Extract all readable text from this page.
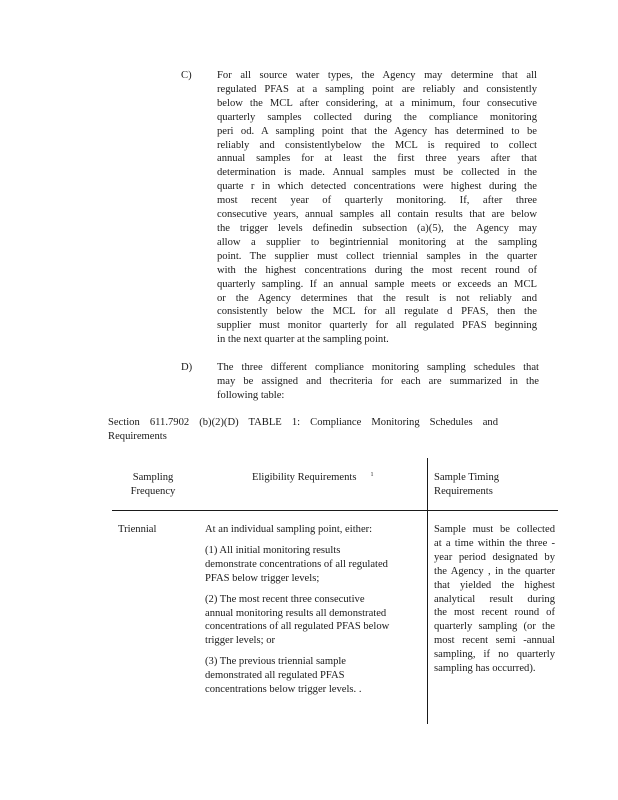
C) For all source water types, the Agency may determine that all
regulated PFAS at a sampling point are reliably and consistently
below the MCL after considering, at a minimum, four consecutive
quarterly samples collected during the compliance monitoring
peri od. A sampling point that the Agency has determined to be
reliably and consistentlybelow the MCL is required to collect
annual samples for at least the first three years after that
determination is made. Annual samples must be collected in the
quarte r in which detected concentrations were highest during the
most recent year of quarterly monitoring. If, after three
consecutive years, annual samples all contain results that are below
the trigger levels definedin subsection (a)(5), the Agency may
allow a supplier to begintriennial monitoring at the sampling
point. The supplier must collect triennial samples in the quarter
with the highest concentrations during the most recent round of
quarterly sampling. If an annual sample meets or exceeds an MCL
or the Agency determines that the result is not reliably and
consistently below the MCL for all regulate d PFAS, then the
supplier must monitor quarterly for all regulated PFAS beginning
in the next quarter at the sampling point.
D) The three different compliance monitoring sampling schedules that
may be assigned and thecriteria for each are summarized in the
following table:
Section 611.7902 (b)(2)(D) TABLE 1: Compliance Monitoring Schedules and
Requirements
Sampling
Frequency
Eligibility Requirements $^1$	Sample Timing
Requirements
Triennial	At an individual sampling point, either:
(1) All initial monitoring results
demonstrate concentrations of all regulated
PFAS below trigger levels;
(2) The most recent three consecutive
annual monitoring results all demonstrated
concentrations of all regulated PFAS below
trigger levels; or
(3) The previous triennial sample
demonstrated all regulated PFAS
concentrations below trigger levels. .
Sample must be collected
at a time within the three -
year period designated by
the Agency , in the quarter
that yielded the highest
analytical result during
the most recent round of
quarterly sampling (or the
most recent semi -annual
sampling, if no quarterly
sampling has occurred).
